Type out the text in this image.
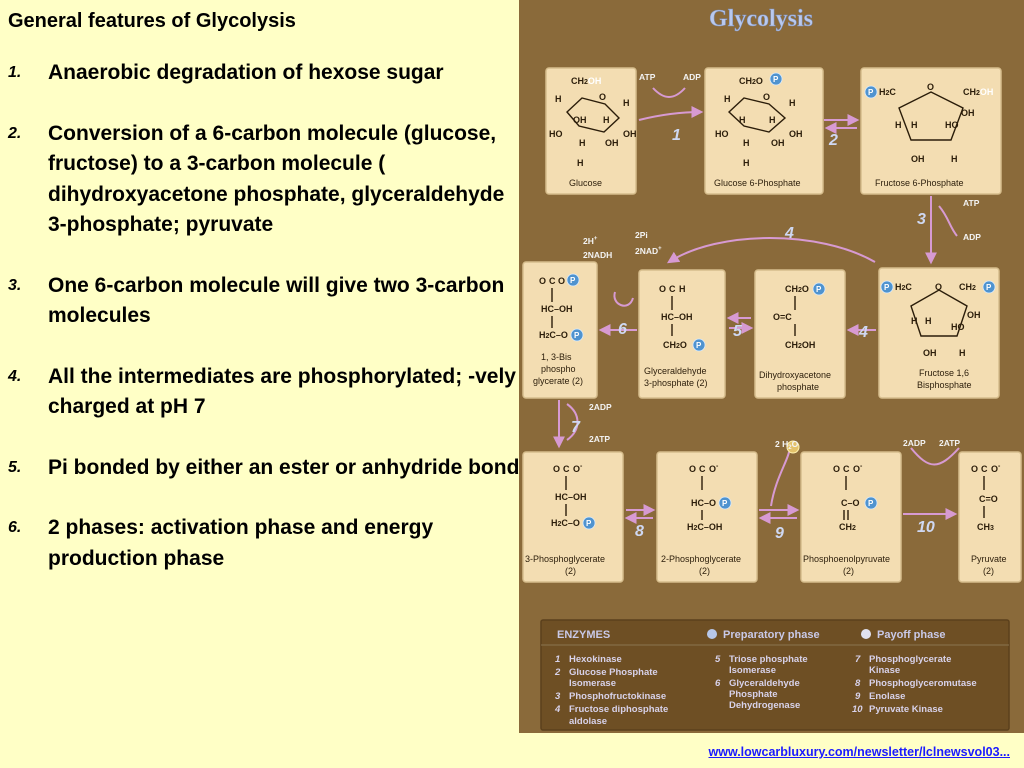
General features of Glycolysis
1.	Anaerobic degradation of hexose sugar
2.	Conversion of a 6-carbon molecule (glucose, fructose) to a 3-carbon molecule ( dihydroxyacetone phosphate, glyceraldehyde 3-phosphate; pyruvate
3.	One 6-carbon molecule will give two 3-carbon molecules
4.	All the intermediates are phosphorylated; -vely charged at pH 7
5.	Pi bonded by either an ester or anhydride bond
6.	2 phases: activation phase and energy production phase
Glycolysis
CH2OH
H	H
O
OH H
HO	OH
H OH
H
Glucose
ATP	ADP
1
CH2O P
H	H
O
H	H
HO	OH
H OH
H
Glucose 6-Phosphate
2
P H2C	O	CH2OH
H H	HO
OH
OH	H
Fructose 6-Phosphate
ATP
ADP
3
O C O P
HC–OH
H2C–O P
1, 3-Bis
phospho
glycerate (2)
2H+
2NADH
2Pi
2NAD+
6
O C H
HC–OH
CH2O P
Glyceraldehyde
3-phosphate (2)
5
CH2O P
O=C
CH2OH
Dihydroxyacetone
phosphate
4
4
P H2C	O CH2 P
H H
HO
OH
OH	H
Fructose 1,6
Bisphosphate
2ADP
2ATP
7
O C O-
HC–OH
H2C–O P
3-Phosphoglycerate
(2)
8
O C O-
HC–O P
H2C–OH
2-Phosphoglycerate
(2)
2 $H_2O$
9
O C O-
C–O P
CH2
Phosphoenolpyruvate
(2)
2ADP 2ATP
10
O C O-
C=O
CH3
Pyruvate
(2)
ENZYMES	Preparatory phase	Payoff phase
1 Hexokinase
2 Glucose Phosphate
Isomerase
3 Phosphofructokinase
4 Fructose diphosphate
aldolase
5 Triose phosphate
Isomerase
6 Glyceraldehyde
Phosphate
Dehydrogenase
7 Phosphoglycerate
Kinase
8 Phosphoglyceromutase
9 Enolase
10 Pyruvate Kinase
www.lowcarbluxury.com/newsletter/lclnewsvol03...
